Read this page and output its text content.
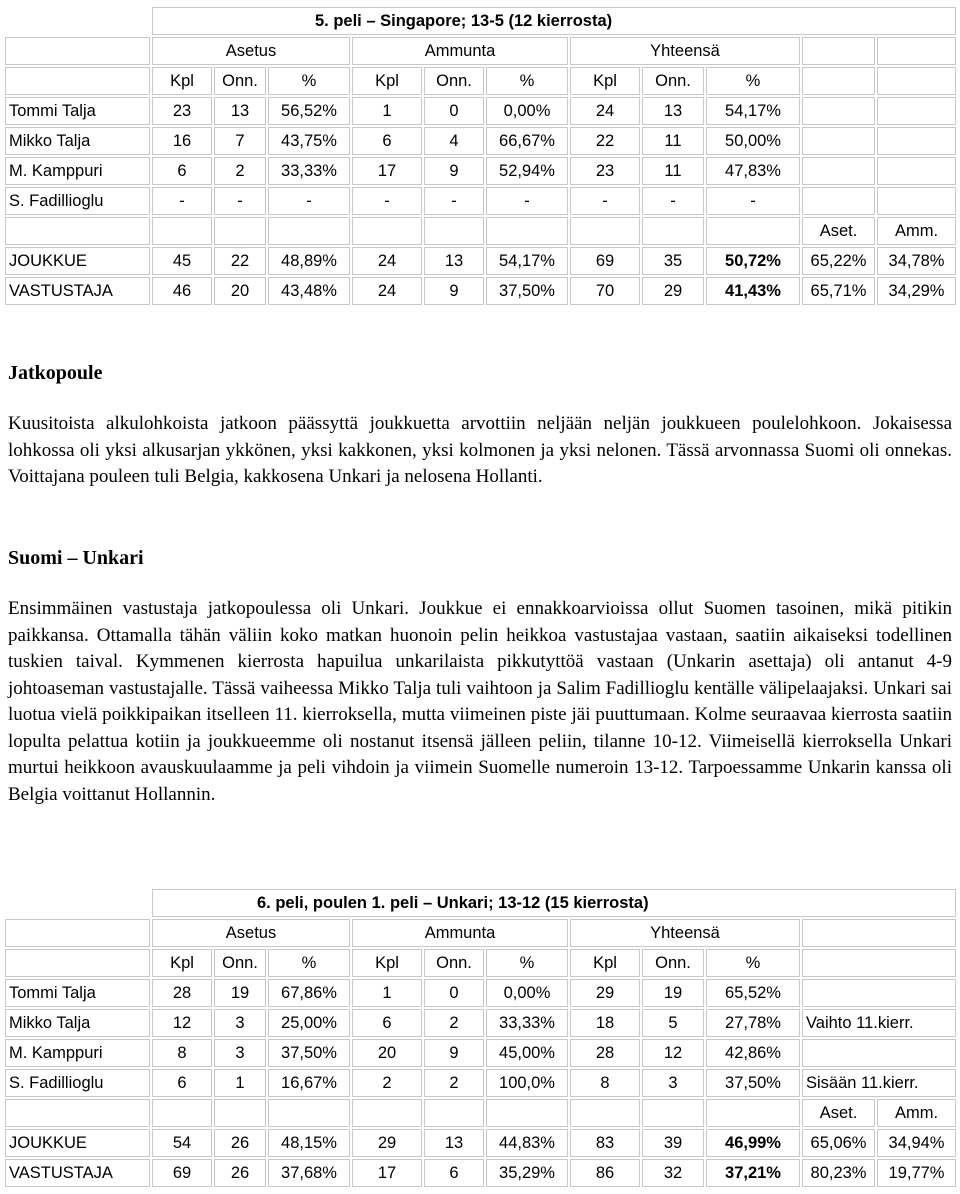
	5. peli – Singapore; 13-5 (12 kierrosta)										
	Asetus			Ammunta			Yhteensä				
	Kpl	Onn.	%	Kpl	Onn.	%	Kpl	Onn.	%		
Tommi Talja	23	13	56,52%	1	0	0,00%	24	13	54,17%		
Mikko Talja	16	7	43,75%	6	4	66,67%	22	11	50,00%		
M. Kamppuri	6	2	33,33%	17	9	52,94%	23	11	47,83%		
S. Fadillioglu	-	-	-	-	-	-	-	-	-		
										Aset.	Amm.
JOUKKUE	45	22	48,89%	24	13	54,17%	69	35	50,72%	65,22%	34,78%
VASTUSTAJA	46	20	43,48%	24	9	37,50%	70	29	41,43%	65,71%	34,29%
Jatkopoule

Kuusitoista alkulohkoista jatkoon päässyttä joukkuetta arvottiin neljään neljän joukkueen poulelohkoon. Jokaisessa lohkossa oli yksi alkusarjan ykkönen, yksi kakkonen, yksi kolmonen ja yksi nelonen. Tässä arvonnassa Suomi oli onnekas. Voittajana pouleen tuli Belgia, kakkosena Unkari ja nelosena Hollanti.

Suomi – Unkari

Ensimmäinen vastustaja jatkopoulessa oli Unkari. Joukkue ei ennakkoarvioissa ollut Suomen tasoinen, mikä pitikin paikkansa. Ottamalla tähän väliin koko matkan huonoin pelin heikkoa vastustajaa vastaan, saatiin aikaiseksi todellinen tuskien taival. Kymmenen kierrosta hapuilua unkarilaista pikkutyttöä vastaan (Unkarin asettaja) oli antanut 4-9 johtoaseman vastustajalle. Tässä vaiheessa Mikko Talja tuli vaihtoon ja Salim Fadillioglu kentälle välipelaajaksi. Unkari sai luotua vielä poikkipaikan itselleen 11. kierroksella, mutta viimeinen piste jäi puuttumaan. Kolme seuraavaa kierrosta saatiin lopulta pelattua kotiin ja joukkueemme oli nostanut itsensä jälleen peliin, tilanne 10-12. Viimeisellä kierroksella Unkari murtui heikkoon avauskuulaamme ja peli vihdoin ja viimein Suomelle numeroin 13-12. Tarpoessamme Unkarin kanssa oli Belgia voittanut Hollannin.

	6. peli, poulen 1. peli – Unkari; 13-12 (15 kierrosta)										
	Asetus			Ammunta			Yhteensä				
	Kpl	Onn.	%	Kpl	Onn.	%	Kpl	Onn.	%		
Tommi Talja	28	19	67,86%	1	0	0,00%	29	19	65,52%		
Mikko Talja	12	3	25,00%	6	2	33,33%	18	5	27,78%	Vaihto 11.kierr.	
M. Kamppuri	8	3	37,50%	20	9	45,00%	28	12	42,86%		
S. Fadillioglu	6	1	16,67%	2	2	100,0%	8	3	37,50%	Sisään 11.kierr.	
										Aset.	Amm.
JOUKKUE	54	26	48,15%	29	13	44,83%	83	39	46,99%	65,06%	34,94%
VASTUSTAJA	69	26	37,68%	17	6	35,29%	86	32	37,21%	80,23%	19,77%
